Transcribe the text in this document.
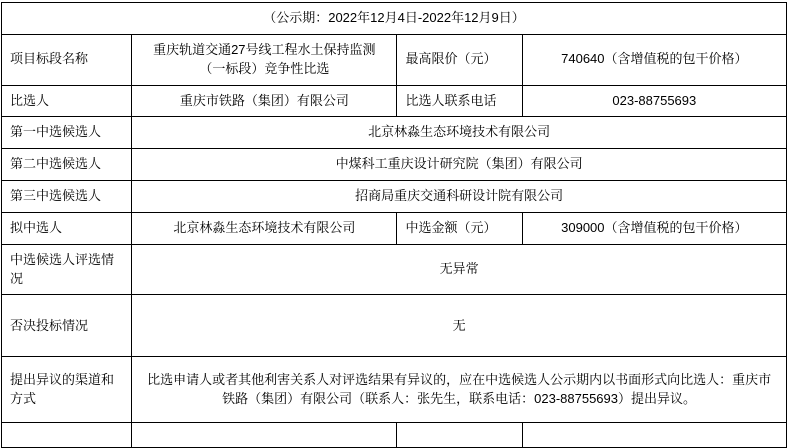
（公示期：2022年12月4日-2022年12月9日）			
项目标段名称	重庆轨道交通27号线工程水土保持监测（一标段）竞争性比选	最高限价（元）	740640（含增值税的包干价格）
比选人	重庆市铁路（集团）有限公司	比选人联系电话	023-88755693
第一中选候选人	北京林淼生态环境技术有限公司		
第二中选候选人	中煤科工重庆设计研究院（集团）有限公司		
第三中选候选人	招商局重庆交通科研设计院有限公司		
拟中选人	北京林淼生态环境技术有限公司	中选金额（元）	309000（含增值税的包干价格）
中选候选人评选情况	无异常		
否决投标情况	无		
提出异议的渠道和方式	比选申请人或者其他利害关系人对评选结果有异议的，应在中选候选人公示期内以书面形式向比选人：重庆市
铁路（集团）有限公司（联系人：张先生，联系电话：023-88755693）提出异议。		
